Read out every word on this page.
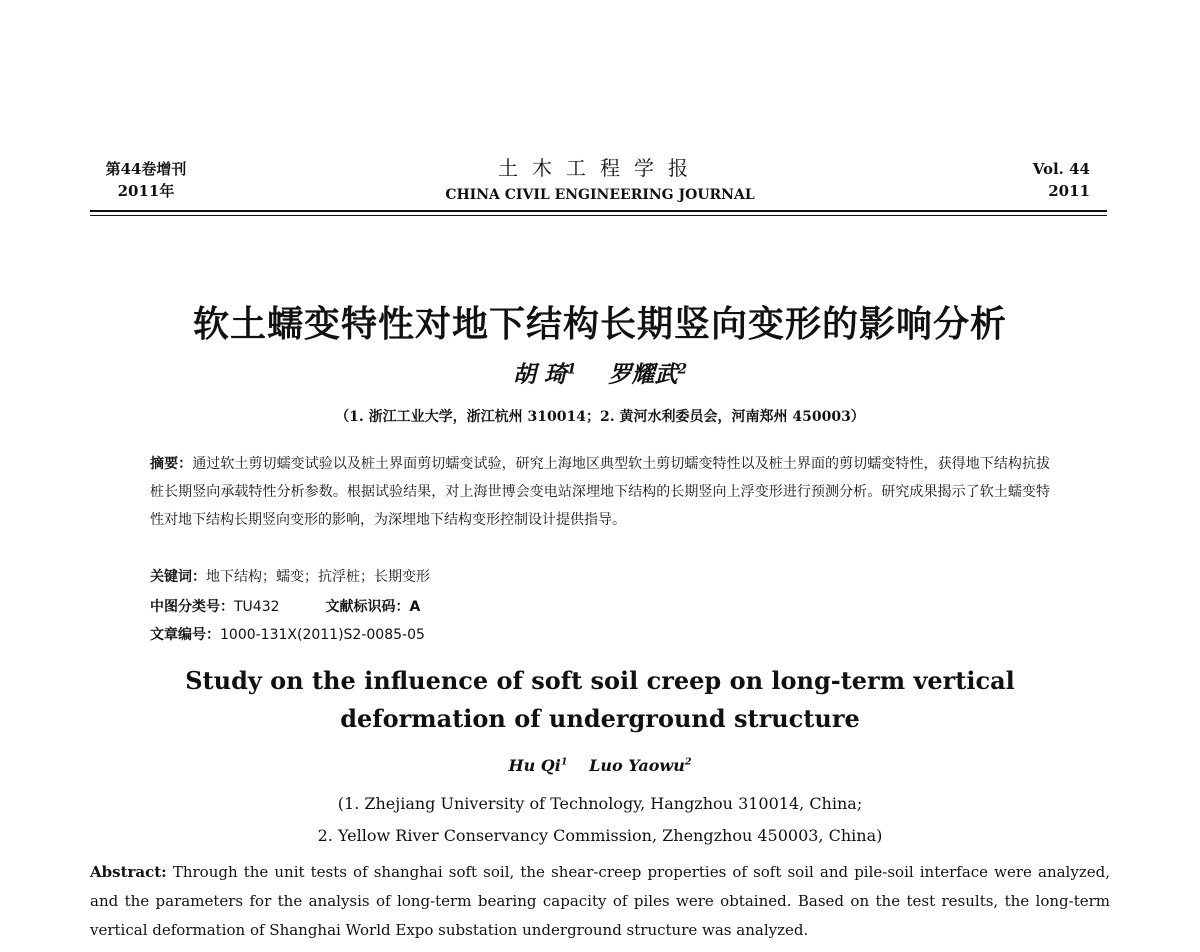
第44卷增刊
2011年
土木工程学报
CHINA CIVIL ENGINEERING JOURNAL
Vol. 44
2011
软土蠕变特性对地下结构长期竖向变形的影响分析
胡 琦$^1$ 罗耀武$^2$
（1. 浙江工业大学，浙江杭州 310014；2. 黄河水利委员会，河南郑州 450003）
摘要：通过软土剪切蠕变试验以及桩土界面剪切蠕变试验，研究上海地区典型软土剪切蠕变特性以及桩土界面的剪切蠕变特性，获得地下结构抗拔桩长期竖向承载特性分析参数。根据试验结果，对上海世博会变电站深埋地下结构的长期竖向上浮变形进行预测分析。研究成果揭示了软土蠕变特性对地下结构长期竖向变形的影响，为深埋地下结构变形控制设计提供指导。
关键词：地下结构；蠕变；抗浮桩；长期变形
中图分类号：TU432	文献标识码：A
文章编号：1000-131X(2011)S2-0085-05
Study on the influence of soft soil creep on long-term vertical
deformation of underground structure
Hu Qi$^1$ Luo Yaowu$^2$
(1. Zhejiang University of Technology, Hangzhou 310014, China;
2. Yellow River Conservancy Commission, Zhengzhou 450003, China)
Abstract: Through the unit tests of shanghai soft soil, the shear-creep properties of soft soil and pile-soil interface were analyzed, and the parameters for the analysis of long-term bearing capacity of piles were obtained. Based on the test results, the long-term vertical deformation of Shanghai World Expo substation underground structure was analyzed.
